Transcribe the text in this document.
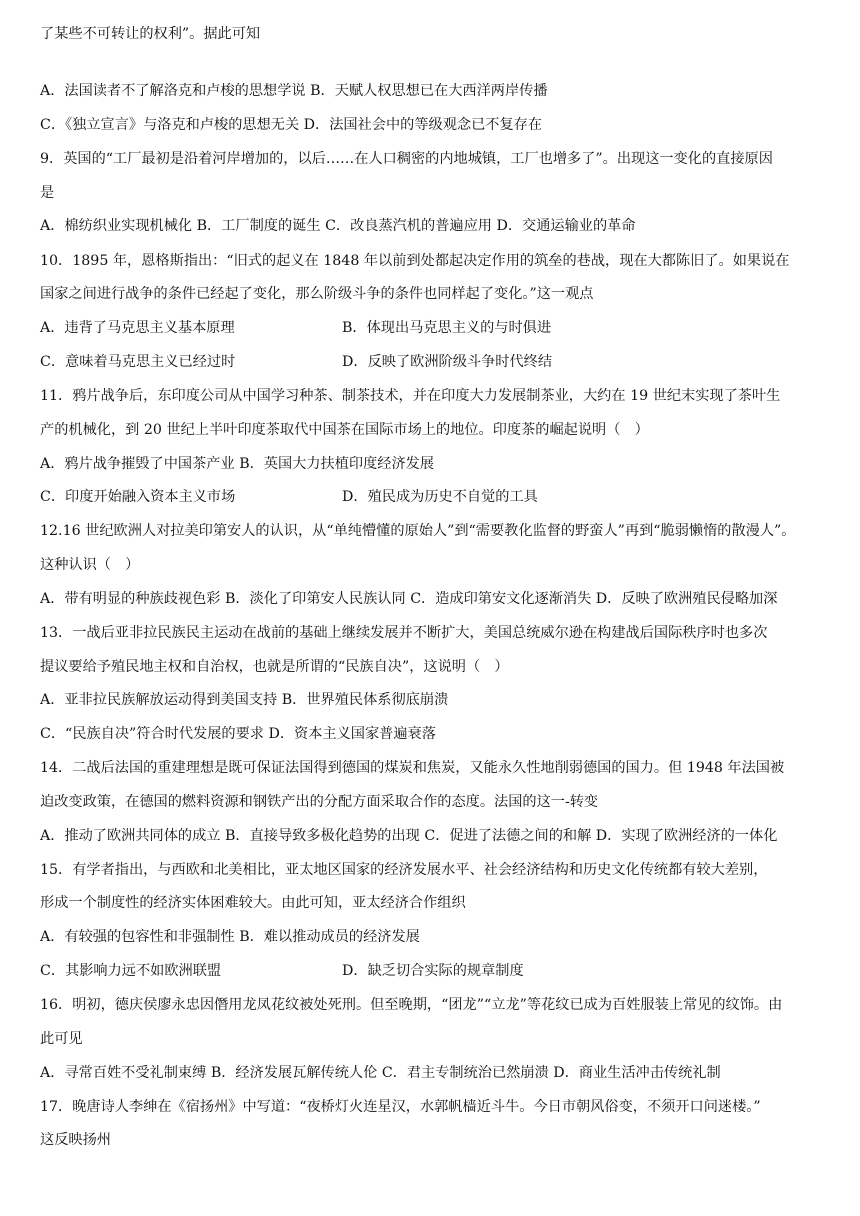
了某些不可转让的权利”。据此可知
A．法国读者不了解洛克和卢梭的思想学说 B．天赋人权思想已在大西洋两岸传播
C．《独立宣言》与洛克和卢梭的思想无关 D．法国社会中的等级观念已不复存在
9．英国的“工厂最初是沿着河岸增加的，以后……在人口稠密的内地城镇，工厂也增多了”。出现这一变化的直接原因
是
A．棉纺织业实现机械化 B．工厂制度的诞生 C．改良蒸汽机的普遍应用 D．交通运输业的革命
10．1895 年，恩格斯指出：“旧式的起义在 1848 年以前到处都起决定作用的筑垒的巷战，现在大都陈旧了。如果说在
国家之间进行战争的条件已经起了变化，那么阶级斗争的条件也同样起了变化。”这一观点
A．违背了马克思主义基本原理	B．体现出马克思主义的与时俱进
C．意味着马克思主义已经过时	D．反映了欧洲阶级斗争时代终结
11．鸦片战争后，东印度公司从中国学习种茶、制茶技术，并在印度大力发展制茶业，大约在 19 世纪末实现了茶叶生
产的机械化，到 20 世纪上半叶印度茶取代中国茶在国际市场上的地位。印度茶的崛起说明（　）
A．鸦片战争摧毁了中国茶产业 B．英国大力扶植印度经济发展
C．印度开始融入资本主义市场	D．殖民成为历史不自觉的工具
12.16 世纪欧洲人对拉美印第安人的认识，从“单纯懵懂的原始人”到“需要教化监督的野蛮人”再到“脆弱懒惰的散漫人”。
这种认识（　）
A．带有明显的种族歧视色彩 B．淡化了印第安人民族认同 C．造成印第安文化逐渐消失 D．反映了欧洲殖民侵略加深
13．一战后亚非拉民族民主运动在战前的基础上继续发展并不断扩大，美国总统威尔逊在构建战后国际秩序时也多次
提议要给予殖民地主权和自治权，也就是所谓的“民族自决”，这说明（　）
A．亚非拉民族解放运动得到美国支持 B．世界殖民体系彻底崩溃
C．“民族自决”符合时代发展的要求 D．资本主义国家普遍衰落
14．二战后法国的重建理想是既可保证法国得到德国的煤炭和焦炭，又能永久性地削弱德国的国力。但 1948 年法国被
迫改变政策，在德国的燃料资源和钢铁产出的分配方面采取合作的态度。法国的这一-转变
A．推动了欧洲共同体的成立 B．直接导致多极化趋势的出现 C．促进了法德之间的和解 D．实现了欧洲经济的一体化
15．有学者指出，与西欧和北美相比，亚太地区国家的经济发展水平、社会经济结构和历史文化传统都有较大差别，
形成一个制度性的经济实体困难较大。由此可知，亚太经济合作组织
A．有较强的包容性和非强制性 B．难以推动成员的经济发展
C．其影响力远不如欧洲联盟	D．缺乏切合实际的规章制度
16．明初，德庆侯廖永忠因僭用龙凤花纹被处死刑。但至晚期，“团龙”“立龙”等花纹已成为百姓服装上常见的纹饰。由
此可见
A．寻常百姓不受礼制束缚 B．经济发展瓦解传统人伦 C．君主专制统治已然崩溃 D．商业生活冲击传统礼制
17．晚唐诗人李绅在《宿扬州》中写道：“夜桥灯火连星汉，水郭帆樯近斗牛。今日市朝风俗变，不须开口问迷楼。”
这反映扬州
